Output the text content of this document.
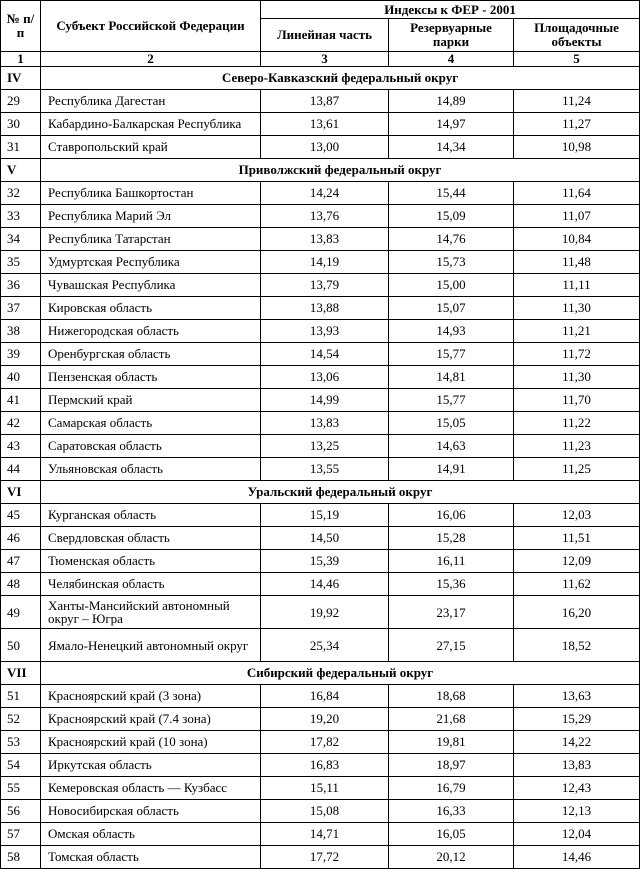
№ п/п	Субъект Российской Федерации	Индексы к ФЕР - 2001		
		Линейная часть	Резервуарные парки	Площадочные объекты
1	2	3	4	5
IV	Северо-Кавказский федеральный округ			
29	Республика Дагестан	13,87	14,89	11,24
30	Кабардино-Балкарская Республика	13,61	14,97	11,27
31	Ставропольский край	13,00	14,34	10,98
V	Приволжский федеральный округ			
32	Республика Башкортостан	14,24	15,44	11,64
33	Республика Марий Эл	13,76	15,09	11,07
34	Республика Татарстан	13,83	14,76	10,84
35	Удмуртская Республика	14,19	15,73	11,48
36	Чувашская Республика	13,79	15,00	11,11
37	Кировская область	13,88	15,07	11,30
38	Нижегородская область	13,93	14,93	11,21
39	Оренбургская область	14,54	15,77	11,72
40	Пензенская область	13,06	14,81	11,30
41	Пермский край	14,99	15,77	11,70
42	Самарская область	13,83	15,05	11,22
43	Саратовская область	13,25	14,63	11,23
44	Ульяновская область	13,55	14,91	11,25
VI	Уральский федеральный округ			
45	Курганская область	15,19	16,06	12,03
46	Свердловская область	14,50	15,28	11,51
47	Тюменская область	15,39	16,11	12,09
48	Челябинская область	14,46	15,36	11,62
49	Ханты-Мансийский автономный округ – Югра	19,92	23,17	16,20
50	Ямало-Ненецкий автономный округ	25,34	27,15	18,52
VII	Сибирский федеральный округ			
51	Красноярский край (3 зона)	16,84	18,68	13,63
52	Красноярский край (7.4 зона)	19,20	21,68	15,29
53	Красноярский край (10 зона)	17,82	19,81	14,22
54	Иркутская область	16,83	18,97	13,83
55	Кемеровская область — Кузбасс	15,11	16,79	12,43
56	Новосибирская область	15,08	16,33	12,13
57	Омская область	14,71	16,05	12,04
58	Томская область	17,72	20,12	14,46
